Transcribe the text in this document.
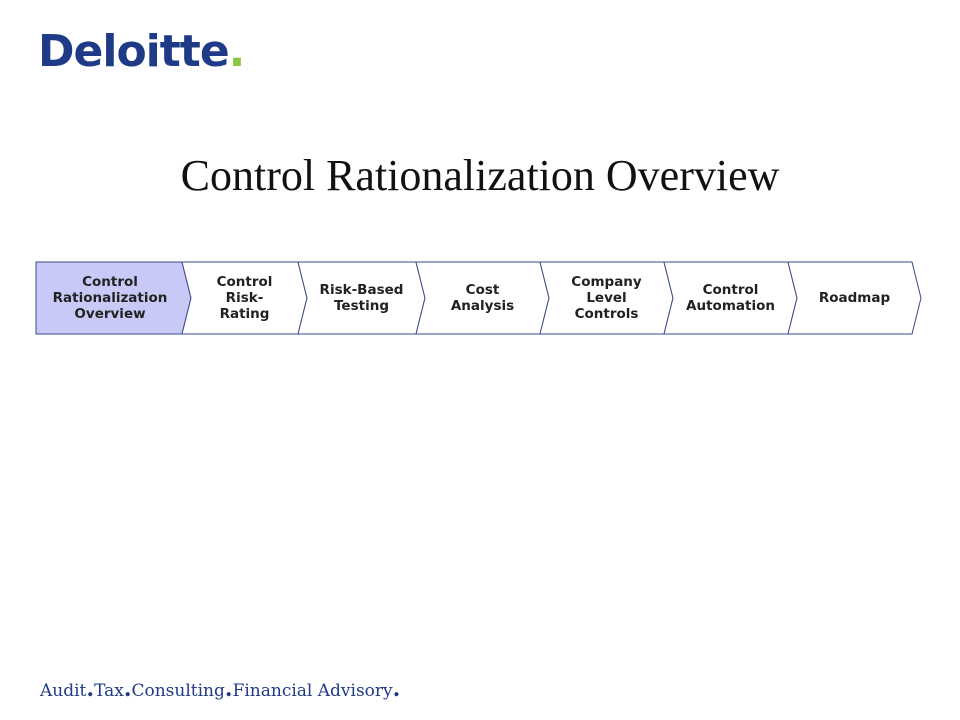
Deloitte.
Control Rationalization Overview
Control
Rationalization
Overview
Control
Risk-
Rating
Risk-Based
Testing
Cost
Analysis
Company
Level
Controls
Control
Automation
Roadmap
Audit.Tax.Consulting.Financial Advisory.
